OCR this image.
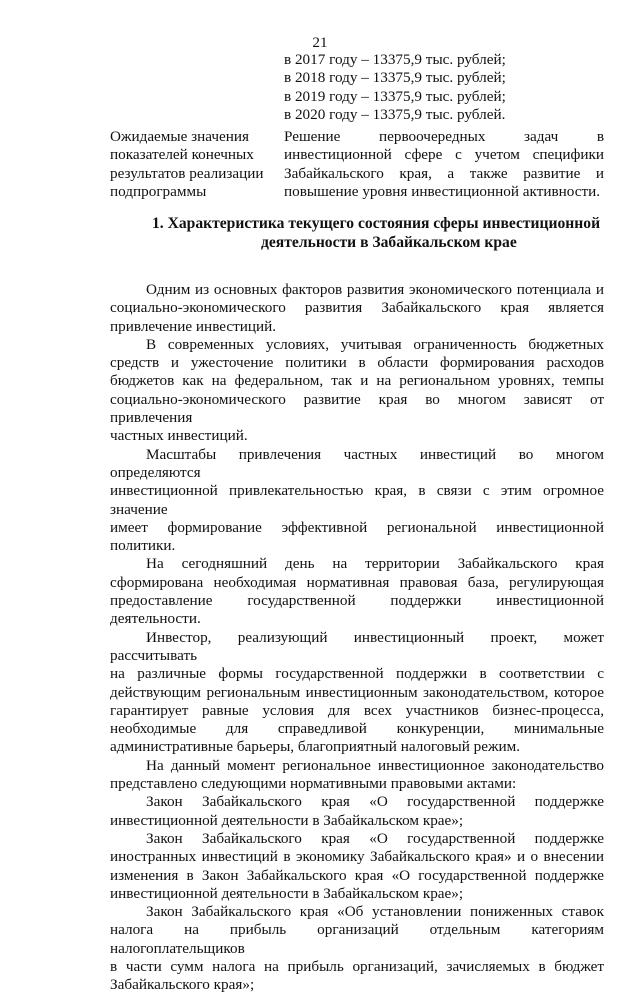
21
в 2017 году – 13375,9 тыс. рублей;
в 2018 году – 13375,9 тыс. рублей;
в 2019 году – 13375,9 тыс. рублей;
в 2020 году – 13375,9 тыс. рублей.
Ожидаемые значения
показателей конечных
результатов реализации
подпрограммы
Решение первоочередных задач в
инвестиционной сфере с учетом специфики
Забайкальского края, а также развитие и
повышение уровня инвестиционной активности.
1. Характеристика текущего состояния сферы инвестиционной
деятельности в Забайкальском крае
Одним из основных факторов развития экономического потенциала и
социально-экономического развития Забайкальского края является
привлечение инвестиций.
В современных условиях, учитывая ограниченность бюджетных
средств и ужесточение политики в области формирования расходов
бюджетов как на федеральном, так и на региональном уровнях, темпы
социально-экономического развитие края во многом зависят от привлечения
частных инвестиций.
Масштабы привлечения частных инвестиций во многом определяются
инвестиционной привлекательностью края, в связи с этим огромное значение
имеет формирование эффективной региональной инвестиционной политики.
На сегодняшний день на территории Забайкальского края
сформирована необходимая нормативная правовая база, регулирующая
предоставление государственной поддержки инвестиционной деятельности.
Инвестор, реализующий инвестиционный проект, может рассчитывать
на различные формы государственной поддержки в соответствии с
действующим региональным инвестиционным законодательством, которое
гарантирует равные условия для всех участников бизнес-процесса,
необходимые для справедливой конкуренции, минимальные
административные барьеры, благоприятный налоговый режим.
На данный момент региональное инвестиционное законодательство
представлено следующими нормативными правовыми актами:
Закон Забайкальского края «О государственной поддержке
инвестиционной деятельности в Забайкальском крае»;
Закон Забайкальского края «О государственной поддержке
иностранных инвестиций в экономику Забайкальского края» и о внесении
изменения в Закон Забайкальского края «О государственной поддержке
инвестиционной деятельности в Забайкальском крае»;
Закон Забайкальского края «Об установлении пониженных ставок
налога на прибыль организаций отдельным категориям налогоплательщиков
в части сумм налога на прибыль организаций, зачисляемых в бюджет
Забайкальского края»;
